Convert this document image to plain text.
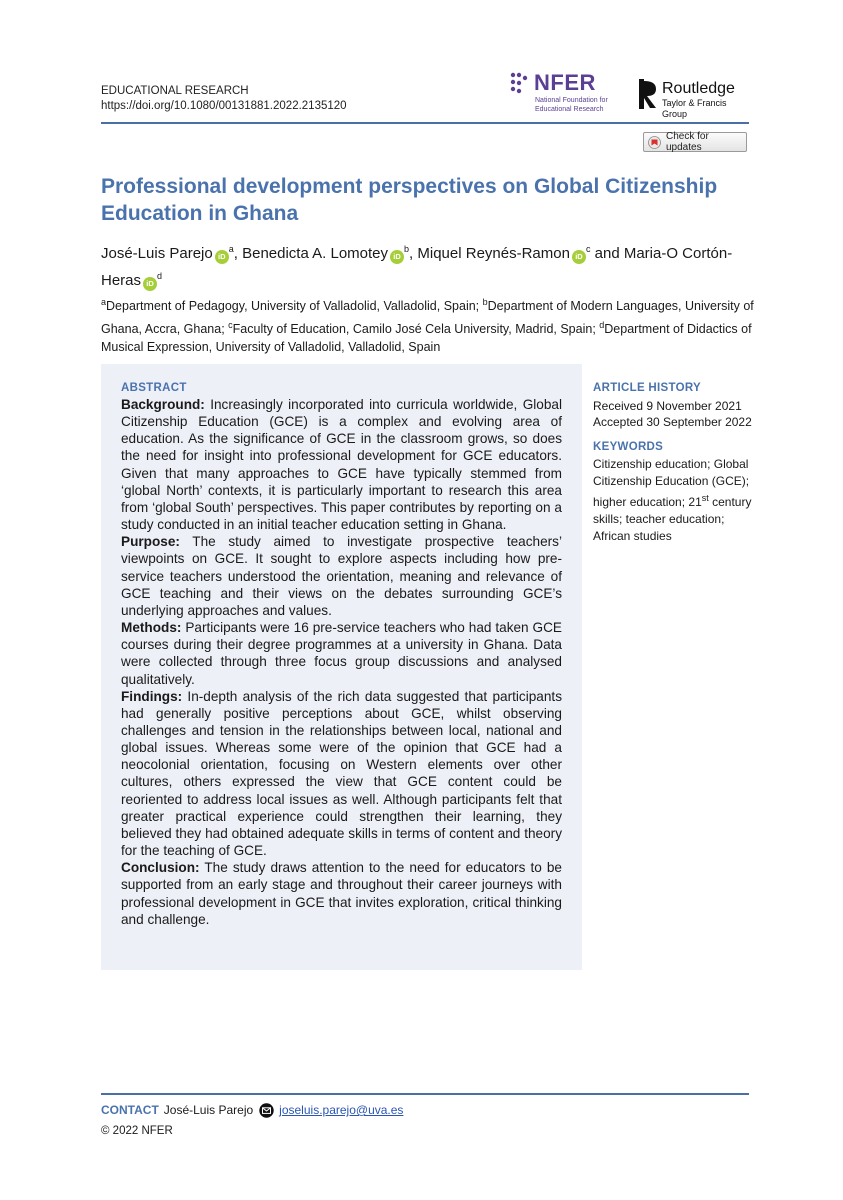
EDUCATIONAL RESEARCH
https://doi.org/10.1080/00131881.2022.2135120
NFER
National Foundation for Educational Research
Routledge
Taylor & Francis Group
Check for updates
Professional development perspectives on Global Citizenship Education in Ghana
José-Luis Parejo $iD^a$, Benedicta A. Lomotey $iD^b$, Miquel Reynés-Ramon $iD^c$ and Maria-O Cortón-Heras $iD^d$
$^a$Department of Pedagogy, University of Valladolid, Valladolid, Spain; $^b$Department of Modern Languages, University of Ghana, Accra, Ghana; $^c$Faculty of Education, Camilo José Cela University, Madrid, Spain; $^d$Department of Didactics of Musical Expression, University of Valladolid, Valladolid, Spain
ABSTRACT

Background: Increasingly incorporated into curricula worldwide, Global Citizenship Education (GCE) is a complex and evolving area of education. As the significance of GCE in the classroom grows, so does the need for insight into professional development for GCE educators. Given that many approaches to GCE have typically stemmed from ‘global North’ contexts, it is particularly important to research this area from ‘global South’ perspectives. This paper contributes by reporting on a study conducted in an initial teacher education setting in Ghana.

Purpose: The study aimed to investigate prospective teachers’ viewpoints on GCE. It sought to explore aspects including how pre-service teachers understood the orientation, meaning and relevance of GCE teaching and their views on the debates surrounding GCE’s underlying approaches and values.

Methods: Participants were 16 pre-service teachers who had taken GCE courses during their degree programmes at a university in Ghana. Data were collected through three focus group discussions and analysed qualitatively.

Findings: In-depth analysis of the rich data suggested that participants had generally positive perceptions about GCE, whilst observing challenges and tension in the relationships between local, national and global issues. Whereas some were of the opinion that GCE had a neocolonial orientation, focusing on Western elements over other cultures, others expressed the view that GCE content could be reoriented to address local issues as well. Although participants felt that greater practical experience could strengthen their learning, they believed they had obtained adequate skills in terms of content and theory for the teaching of GCE.

Conclusion: The study draws attention to the need for educators to be supported from an early stage and throughout their career journeys with professional development in GCE that invites exploration, critical thinking and challenge.

ARTICLE HISTORY
Received 9 November 2021
Accepted 30 September 2022
KEYWORDS
Citizenship education; Global Citizenship Education (GCE); higher education; 21st century skills; teacher education; African studies
CONTACT José-Luis Parejo joseluis.parejo@uva.es
© 2022 NFER
